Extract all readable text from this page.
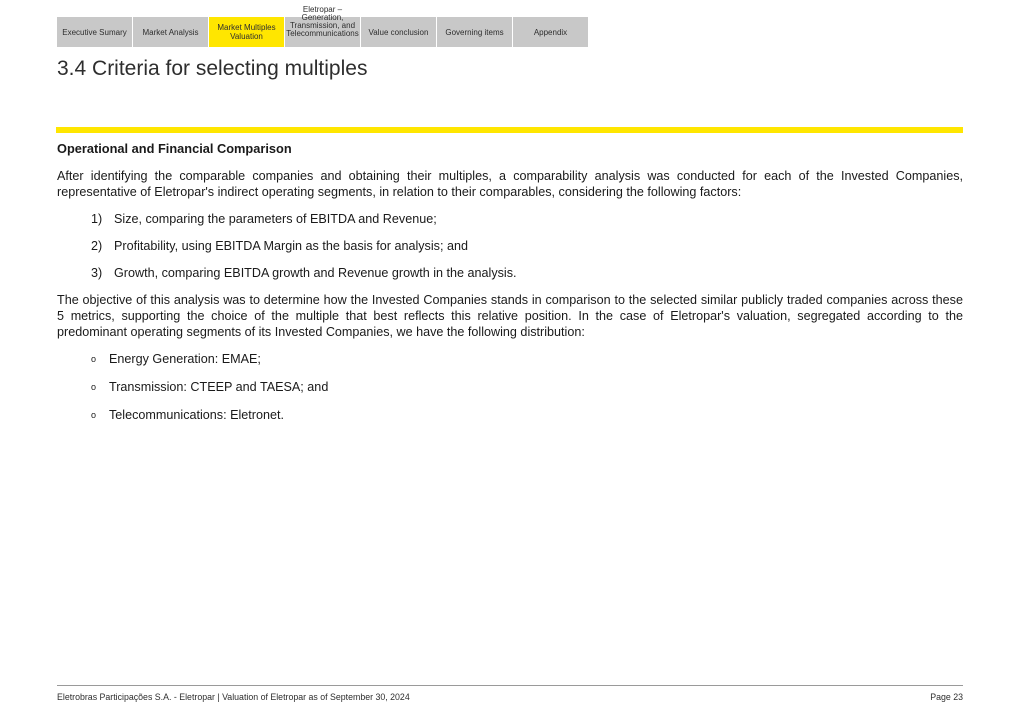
Executive Sumary Market Analysis	Market Multiples Valuation
Eletropar – Generation, Transmission, and Telecommunications Value conclusion Governing items	Appendix
3.4 Criteria for selecting multiples
Operational and Financial Comparison

After identifying the comparable companies and obtaining their multiples, a comparability analysis was conducted for each of the Invested Companies, representative of Eletropar's indirect operating segments, in relation to their comparables, considering the following factors:

1) Size, comparing the parameters of EBITDA and Revenue;
2) Profitability, using EBITDA Margin as the basis for analysis; and
3) Growth, comparing EBITDA growth and Revenue growth in the analysis.

The objective of this analysis was to determine how the Invested Companies stands in comparison to the selected similar publicly traded companies across these 5 metrics, supporting the choice of the multiple that best reflects this relative position. In the case of Eletropar's valuation, segregated according to the predominant operating segments of its Invested Companies, we have the following distribution:

o	Energy Generation: EMAE;
o	Transmission: CTEEP and TAESA; and
o	Telecommunications: Eletronet.
Eletrobras Participações S.A. - Eletropar | Valuation of Eletropar as of September 30, 2024	Page 23
